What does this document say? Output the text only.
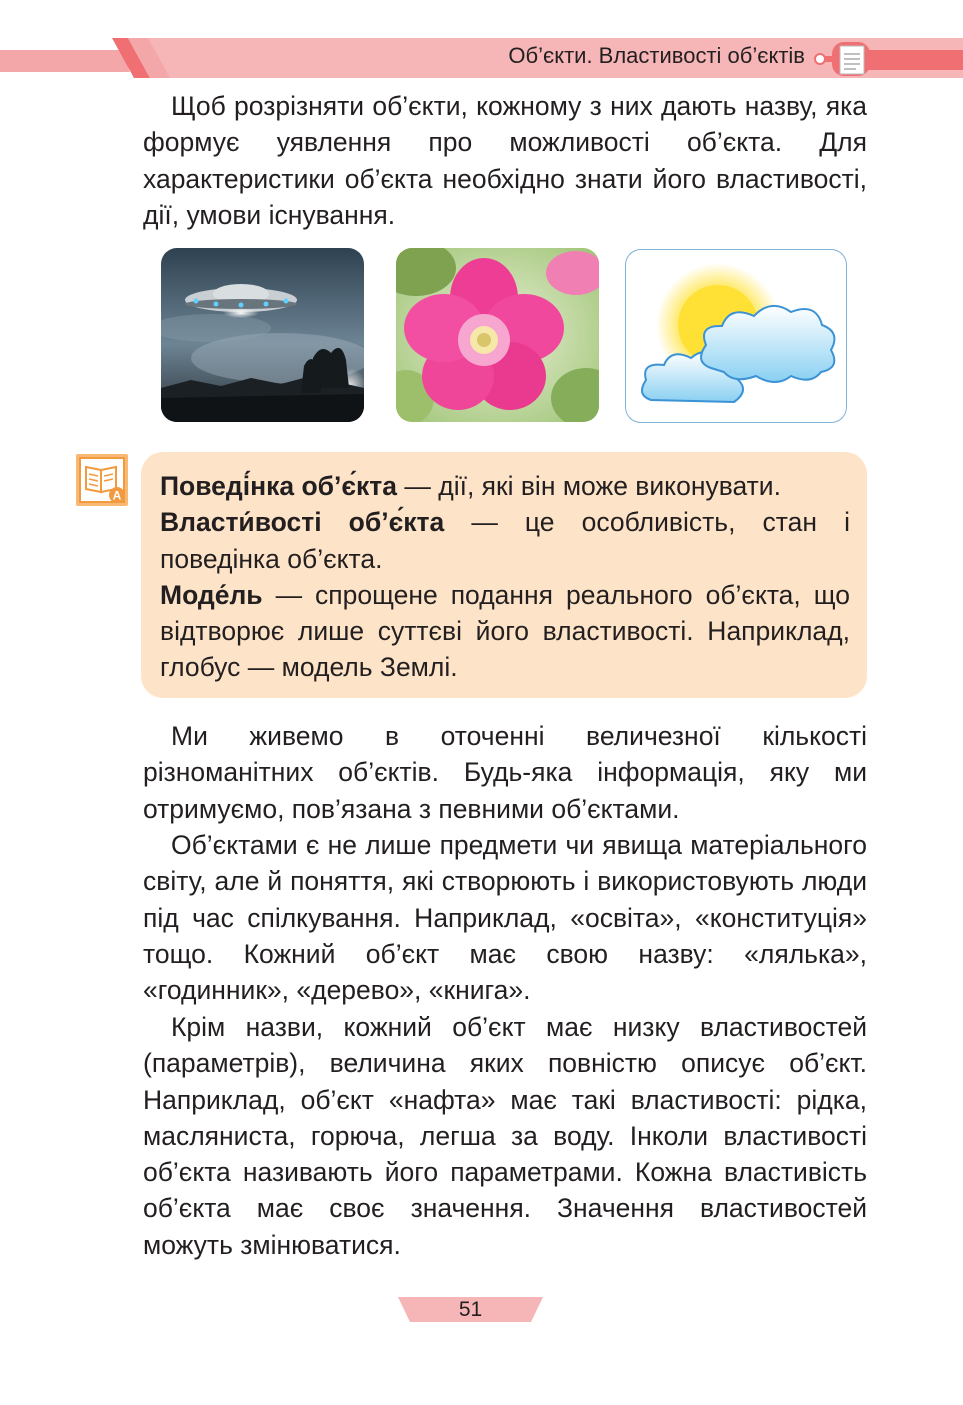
Об’єкти. Властивості об’єктів

Щоб розрізняти об’єкти, кожному з них дають назву, яка формує уявлення про можливості об’єкта. Для характеристики об’єкта необхідно знати його властивості, дії, умови існування.

A Поведі́нка об’є́кта — дії, які він може виконувати.
Власти́вості об’є́кта — це особливість, стан і поведінка об’єкта.
Моде́ль — спрощене подання реального об’єкта, що відтворює лише суттєві його властивості. Наприклад, глобус — модель Землі.

Ми живемо в оточенні величезної кількості різноманітних об’єктів. Будь-яка інформація, яку ми отримуємо, пов’язана з певними об’єктами.

Об’єктами є не лише предмети чи явища матеріального світу, але й поняття, які створюють і використовують люди під час спілкування. Наприклад, «освіта», «конституція» тощо. Кожний об’єкт має свою назву: «лялька», «годинник», «дерево», «книга».

Крім назви, кожний об’єкт має низку властивостей (параметрів), величина яких повністю описує об’єкт. Наприклад, об’єкт «нафта» має такі властивості: рідка, масляниста, горюча, легша за воду. Інколи властивості об’єкта називають його параметрами. Кожна властивість об’єкта має своє значення. Значення властивостей можуть змінюватися.

51
